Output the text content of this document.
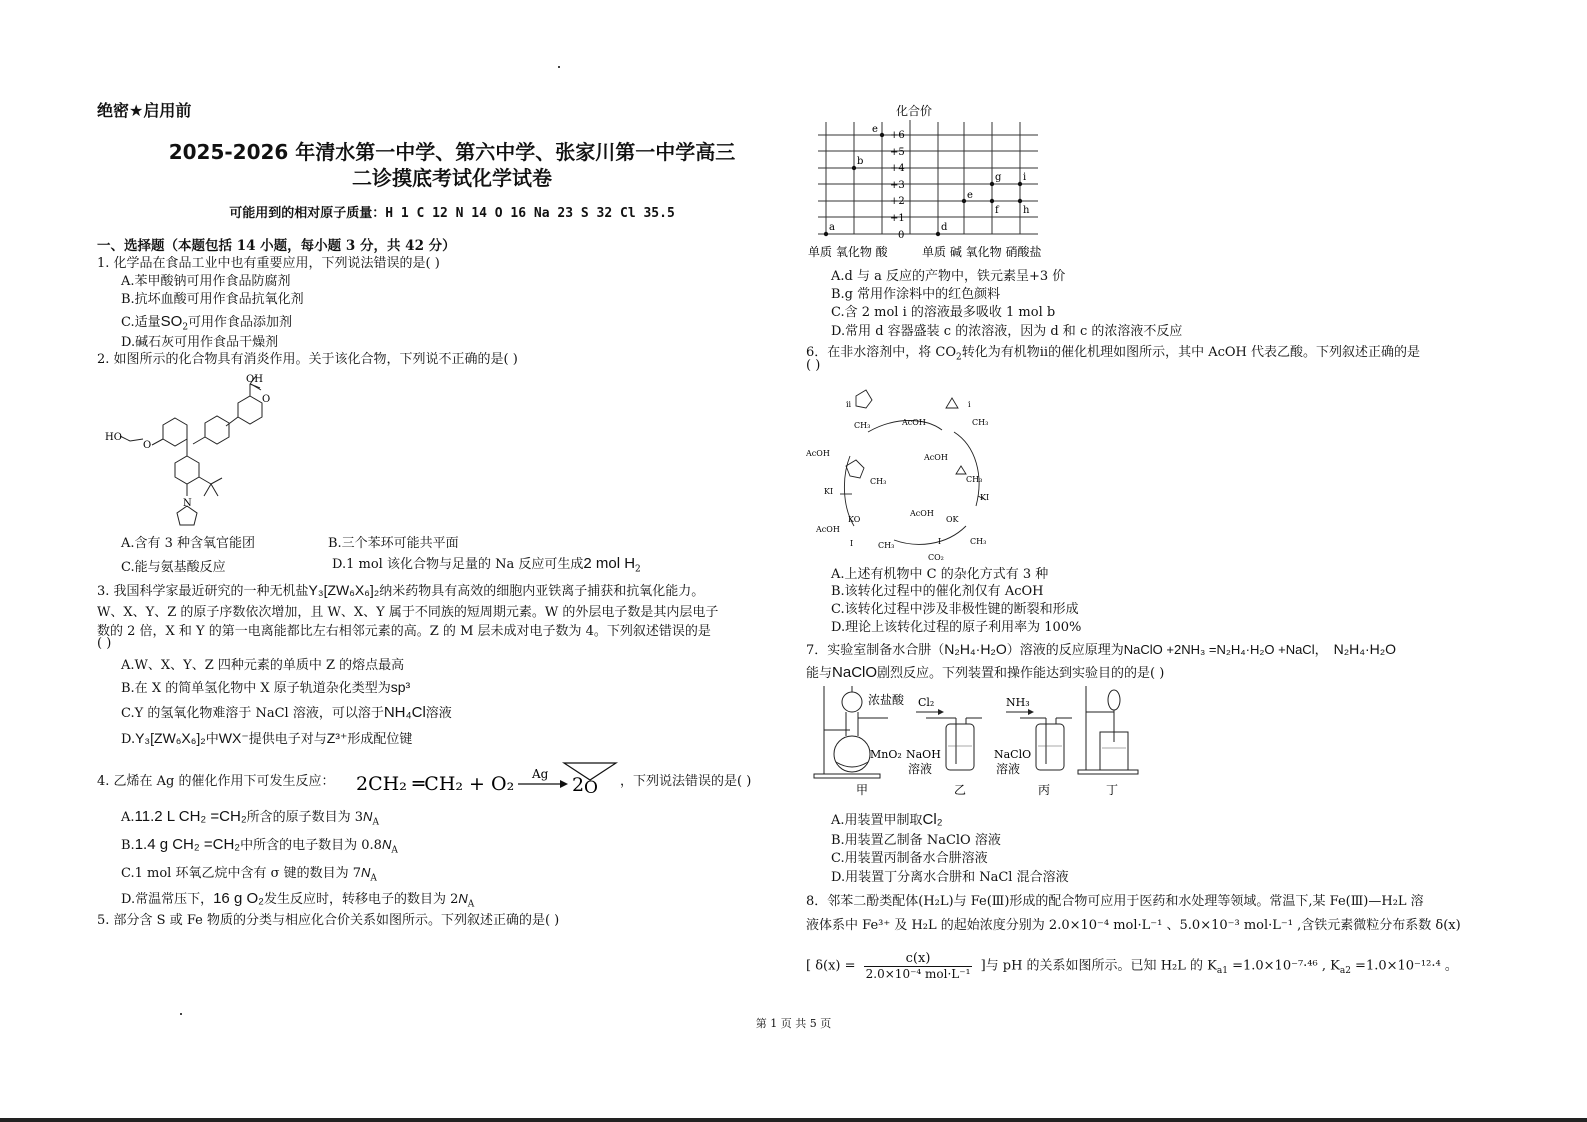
绝密★启用前
2025-2026 年清水第一中学、第六中学、张家川第一中学高三
二诊摸底考试化学试卷
可能用到的相对原子质量：H 1 C 12 N 14 O 16 Na 23 S 32 Cl 35.5
一、选择题（本题包括 14 小题，每小题 3 分，共 42 分）
1. 化学品在食品工业中也有重要应用，下列说法错误的是( )
A.苯甲酸钠可用作食品防腐剂
B.抗坏血酸可用作食品抗氧化剂
C.适量$SO_2$可用作食品添加剂
D.碱石灰可用作食品干燥剂
2. 如图所示的化合物具有消炎作用。关于该化合物，下列说不正确的是( )
OH
O
HO
O
N
A.含有 3 种含氧官能团	B.三个苯环可能共平面
C.能与氨基酸反应	D.1 mol 该化合物与足量的 Na 反应可生成2 mol $H_2$
3. 我国科学家最近研究的一种无机盐Y₃[ZW₆X₆]₂纳米药物具有高效的细胞内亚铁离子捕获和抗氧化能力。
W、X、Y、Z 的原子序数依次增加，且 W、X、Y 属于不同族的短周期元素。W 的外层电子数是其内层电子
数的 2 倍，X 和 Y 的第一电离能都比左右相邻元素的高。Z 的 M 层未成对电子数为 4。下列叙述错误的是
( )
A.W、X、Y、Z 四种元素的单质中 Z 的熔点最高
B.在 X 的简单氢化物中 X 原子轨道杂化类型为sp³
C.Y 的氢氧化物难溶于 NaCl 溶液，可以溶于NH₄Cl溶液
D.Y₃[ZW₆X₆]₂中WX⁻提供电子对与Z³⁺形成配位键
4. 乙烯在 Ag 的催化作用下可发生反应： 2CH₂ ═CH₂ + O₂ Ag 2 O ，下列说法错误的是( )
A.11.2 L CH₂ =CH₂所含的原子数目为 $3N_A$
B.1.4 g CH₂ =CH₂中所含的电子数目为 $0.8N_A$
C.1 mol 环氧乙烷中含有 σ 键的数目为 $7N_A$
D.常温常压下，16 g O₂发生反应时，转移电子的数目为 $2N_A$
5. 部分含 S 或 Fe 物质的分类与相应化合价关系如图所示。下列叙述正确的是( )
化合价
+6
+5
+4
+3
+2
+1
0
a
b
e
d
e
g i
f h
单质 氧化物 酸	单质 碱 氧化物 硝酸盐
A.d 与 a 反应的产物中，铁元素呈+3 价
B.g 常用作涂料中的红色颜料
C.含 2 mol i 的溶液最多吸收 1 mol b
D.常用 d 容器盛装 c 的浓溶液，因为 d 和 c 的浓溶液不反应
6．在非水溶剂中，将 $CO_2$转化为有机物ⅱ的催化机理如图所示，其中 AcOH 代表乙酸。下列叙述正确的是
( )
ii	i
AcOH
AcOH	AcOH
AcOH
AcOH
KI
KI
CO₂
CH₃	CH₃
CH₃	CH₃
CH₃	CH₃
OK
KO
I	I
A.上述有机物中 C 的杂化方式有 3 种
B.该转化过程中的催化剂仅有 AcOH
C.该转化过程中涉及非极性键的断裂和形成
D.理论上该转化过程的原子利用率为 100%
7．实验室制备水合肼（N₂H₄·H₂O）溶液的反应原理为NaClO +2NH₃ =N₂H₄·H₂O +NaCl， N₂H₄·H₂O
能与NaClO剧烈反应。下列装置和操作能达到实验目的的是( )
浓盐酸
MnO₂
Cl₂
NaOH
溶液
NH₃
NaClO
溶液
甲	乙	丙	丁
A.用装置甲制取Cl₂
B.用装置乙制备 NaClO 溶液
C.用装置丙制备水合肼溶液
D.用装置丁分离水合肼和 NaCl 混合溶液
8．邻苯二酚类配体(H₂L)与 Fe(Ⅲ)形成的配合物可应用于医药和水处理等领域。常温下,某 Fe(Ⅲ)—H₂L 溶
液体系中 Fe³⁺ 及 H₂L 的起始浓度分别为 2.0×10⁻⁴ mol·L⁻¹ 、5.0×10⁻³ mol·L⁻¹ ,含铁元素微粒分布系数 δ(x)
[ δ(x) =	c(x)
2.0×10⁻⁴ mol·L⁻¹
]与 pH 的关系如图所示。已知 H₂L 的 $K_{a1} =1.0\times 10^{-7}\cdot^{46}$ , $K_{a2} =1.0\times 10^{-12}\cdot^4$ 。
第 1 页 共 5 页
